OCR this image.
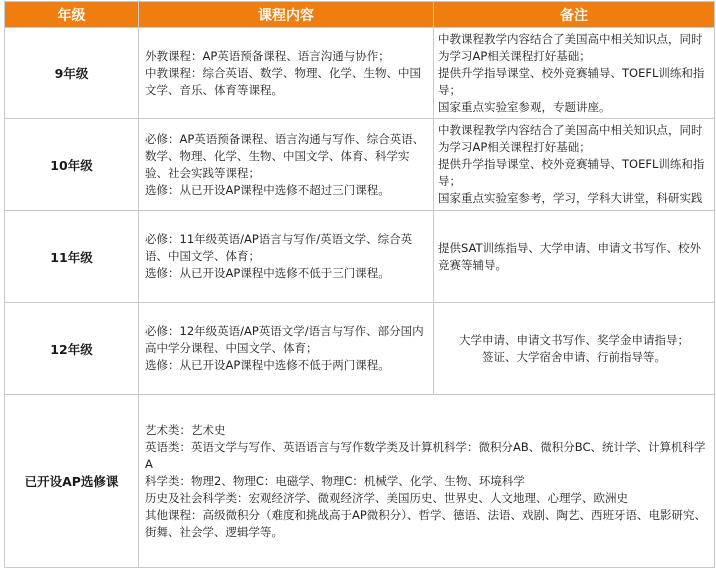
年级	课程内容	备注
9年级	外教课程：AP英语预备课程、语言沟通与协作；
中教课程：综合英语、数学、物理、化学、生物、中国文学、音乐、体育等课程。	中教课程教学内容结合了美国高中相关知识点，同时为学习AP相关课程打好基础；
提供升学指导课堂、校外竞赛辅导、TOEFL训练和指导；
国家重点实验室参观，专题讲座。

10年级	必修：AP英语预备课程、语言沟通与写作、综合英语、数学、物理、化学、生物、中国文学、体育、科学实验、社会实践等课程；
选修：从已开设AP课程中选修不超过三门课程。	中教课程教学内容结合了美国高中相关知识点，同时为学习AP相关课程打好基础；
提供升学指导课堂、校外竞赛辅导、TOEFL训练和指导；
国家重点实验室参考，学习，学科大讲堂，科研实践

11年级	必修：11年级英语/AP语言与写作/英语文学、综合英语、中国文学、体育；
选修：从已开设AP课程中选修不低于三门课程。	提供SAT训练指导、大学申请、申请文书写作、校外竞赛等辅导。

12年级	必修：12年级英语/AP英语文学/语言与写作、部分国内高中学分课程、中国文学、体育；
选修：从已开设AP课程中选修不低于两门课程。	大学申请、申请文书写作、奖学金申请指导；
签证、大学宿舍申请、行前指导等。

已开设AP选修课	艺术类：艺术史
英语类：英语文学与写作、英语语言与写作数学类及计算机科学：微积分AB、微积分BC、统计学、计算机科学A
科学类：物理2、物理C：电磁学、物理C：机械学、化学、生物、环境科学
历史及社会科学类：宏观经济学、微观经济学、美国历史、世界史、人文地理、心理学、欧洲史
其他课程：高级微积分（难度和挑战高于AP微积分）、哲学、德语、法语、戏剧、陶艺、西班牙语、电影研究、街舞、社会学、逻辑学等。	
